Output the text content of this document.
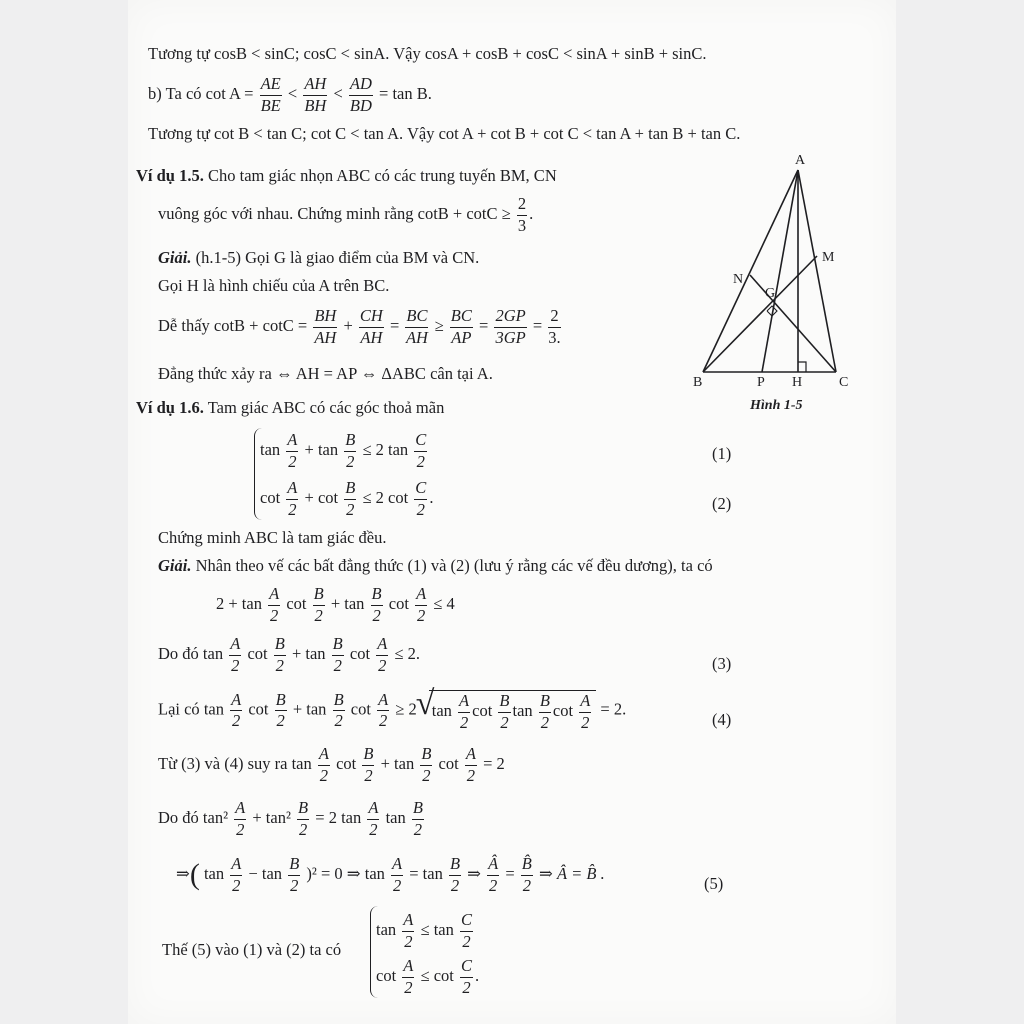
Tương tự cosB < sinC; cosC < sinA. Vậy cosA + cosB + cosC < sinA + sinB + sinC.
b) Ta có $\cot A = \frac{AE}{BE} < \frac{AH}{BH} < \frac{AD}{BD} = \tan B$.
Tương tự cot B < tan C; cot C < tan A. Vậy cot A + cot B + cot C < tan A + tan B + tan C.
Ví dụ 1.5. Cho tam giác nhọn ABC có các trung tuyến BM, CN
vuông góc với nhau. Chứng minh rằng $\cot B + \cot C \ge \frac{2}{3}$ .
Giải. (h.1-5) Gọi G là giao điểm của BM và CN.
Gọi H là hình chiếu của A trên BC.
Dễ thấy $\cot B + \cot C = \frac{BH}{AH} + \frac{CH}{AH} = \frac{BC}{AH} \ge \frac{BC}{AP} = \frac{2GP}{3GP} = \frac{2}{3.}$
Đẳng thức xảy ra ⇔ AH = AP ⇔ ΔABC cân tại A.
A
B	C
M
N
G
P H
Hình 1-5
Ví dụ 1.6. Tam giác ABC có các góc thoả mãn
$\tan \frac{A}{2} + \tan \frac{B}{2} \le 2$ $\tan \frac{C}{2}$	(1)
$\cot \frac{A}{2} + \cot \frac{B}{2} \le 2$ $\cot \frac{C}{2}$ .	(2)
Chứng minh ABC là tam giác đều.
Giải. Nhân theo vế các bất đẳng thức (1) và (2) (lưu ý rằng các vế đều dương), ta có
$2 + \tan \frac{A}{2}$ $\cot \frac{B}{2} + \tan \frac{B}{2}$ $\cot \frac{A}{2} \le 4$
Do đó $\tan \frac{A}{2}$ $\cot \frac{B}{2} + \tan \frac{B}{2}$ $\cot \frac{A}{2} \le 2$.
(3)
Lại có $\tan \frac{A}{2}$ $\cot \frac{B}{2} + \tan \frac{B}{2}$ $\cot \frac{A}{2} \ge 2√$ $\tan \frac{A}{2}$ $\cot \frac{B}{2}$ $\tan \frac{B}{2}$ $\cot \frac{A}{2} = 2$.
(4)
Từ (3) và (4) suy ra $\tan \frac{A}{2}$ $\cot \frac{B}{2} + \tan \frac{B}{2}$ $\cot \frac{A}{2} = 2$
Do đó $\tan^2 \frac{A}{2} + \tan^2 \frac{B}{2} = 2$ $\tan \frac{A}{2}$ $\tan \frac{B}{2}$
⇒( $\tan \frac{A}{2} - \tan \frac{B}{2} )^2 = 0$ ⇒ $\tan \frac{A}{2} = \tan \frac{B}{2}$ ⇒ $\frac{Â}{2} = \frac{B̂}{2}$ ⇒ Â = B̂ .
(5)
Thế (5) vào (1) và (2) ta có
$\tan \frac{A}{2} \le \tan \frac{C}{2}$
$\cot \frac{A}{2} \le \cot \frac{C}{2}$ .
